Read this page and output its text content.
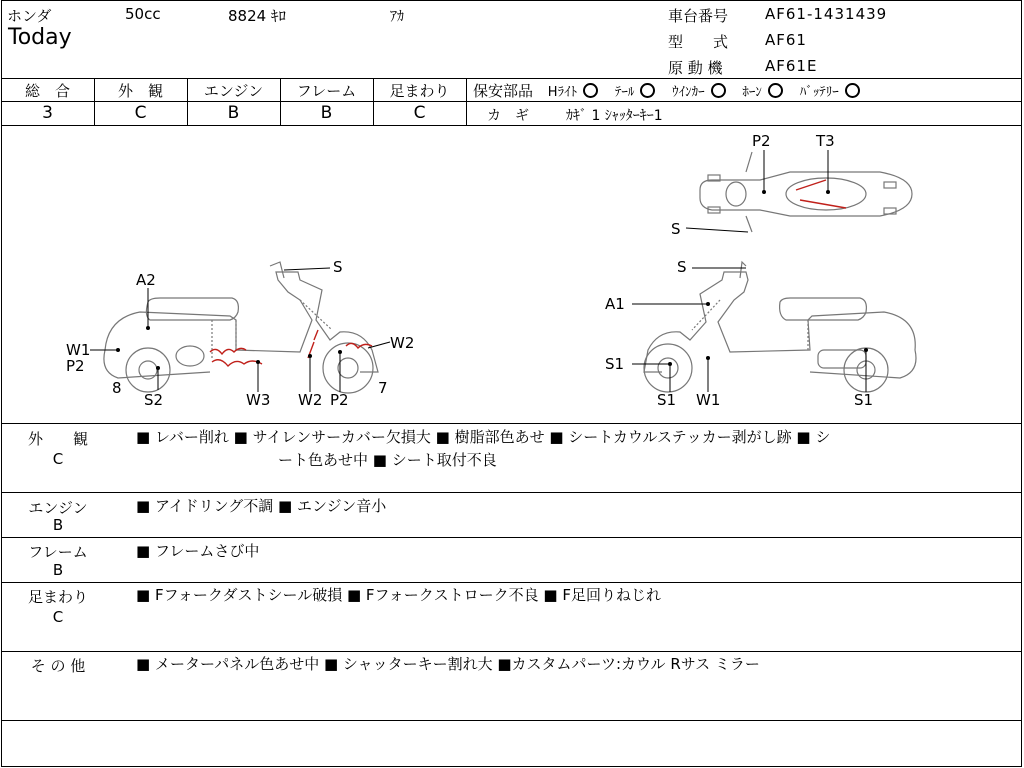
ホンダ	50cc	8824 ｷﾛ	ｱｶ
Today
車台番号 AF61-1431439
型　　式 AF61
原 動 機	AF61E
総　合	外　観	エンジン	フレーム	足まわり
3	C	B	B	C
保安部品 Hﾗｲﾄ	ﾃｰﾙ	ｳｲﾝｶｰ	ﾎｰﾝ	ﾊﾞｯﾃﾘｰ
カ　ギ	ｶｷﾞ 1 ｼｬｯﾀｰｷｰ1
A2
W1
P2
8
S2	W3 W2 P2
7
W2
S	S
A1
S1
S1 W1	S1
P2	T3
S
外　　観
C
■ レバー削れ ■ サイレンサーカバー欠損大 ■ 樹脂部色あせ ■ シートカウルステッカー剥がし跡 ■ シ
ート色あせ中 ■ シート取付不良
エンジン
B
■ アイドリング不調 ■ エンジン音小
フレーム
B
■ フレームさび中
足まわり
C
■ Fフォークダストシール破損 ■ Fフォークストローク不良 ■ F足回りねじれ
そ の 他	■ メーターパネル色あせ中 ■ シャッターキー割れ大 ■カスタムパーツ:カウル Rサス ミラー
